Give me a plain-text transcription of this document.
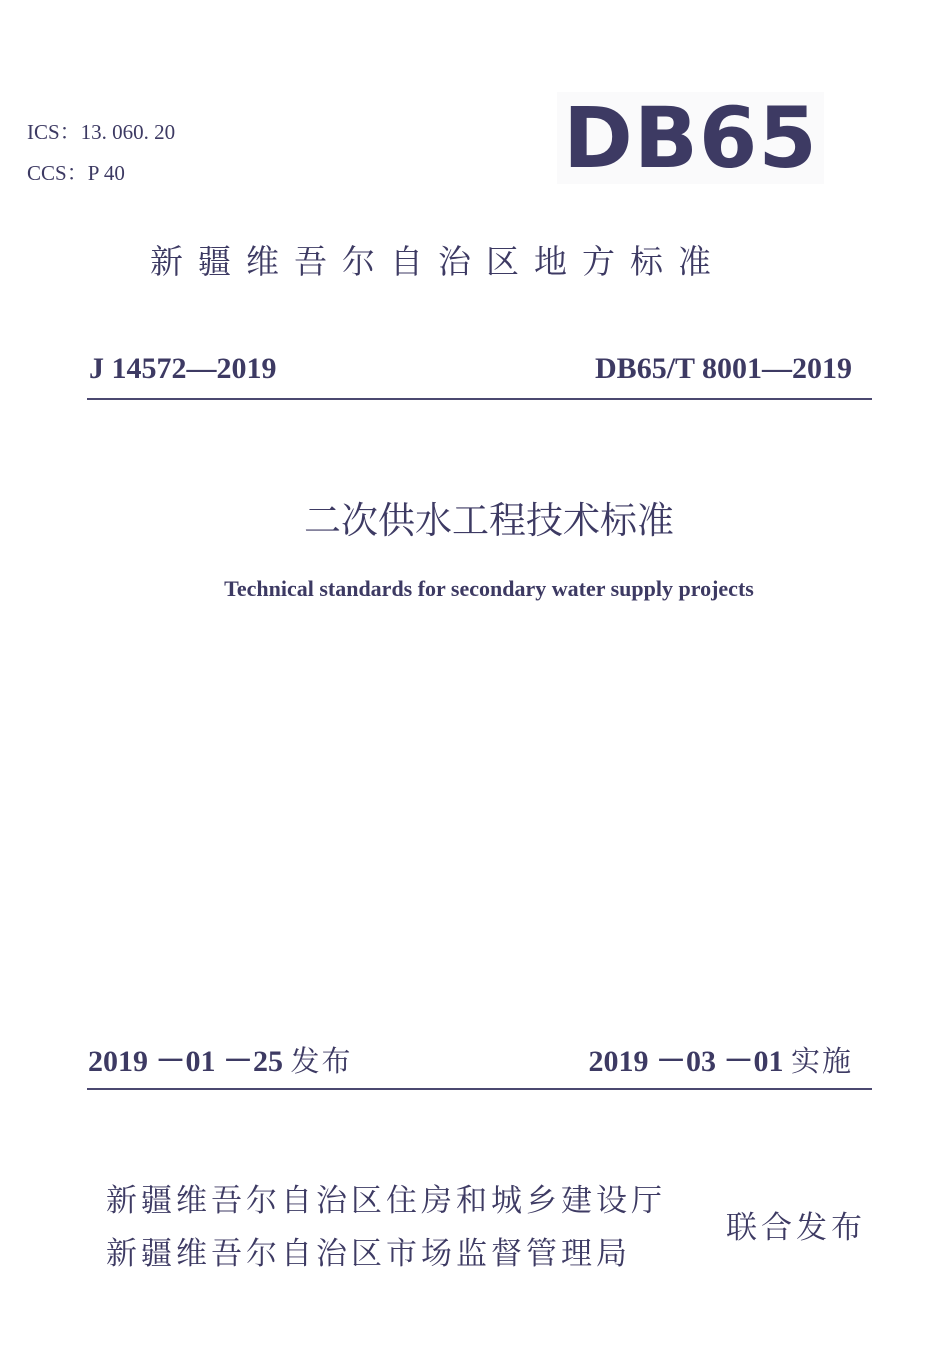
ICS：13. 060. 20
CCS：P 40	DB65
新疆维吾尔自治区地方标准
J 14572—2019	DB65/T 8001—2019
二次供水工程技术标准
Technical standards for secondary water supply projects
2019 －01 －25 发布	2019 －03 －01 实施
新疆维吾尔自治区住房和城乡建设厅
新疆维吾尔自治区市场监督管理局
联合发布
